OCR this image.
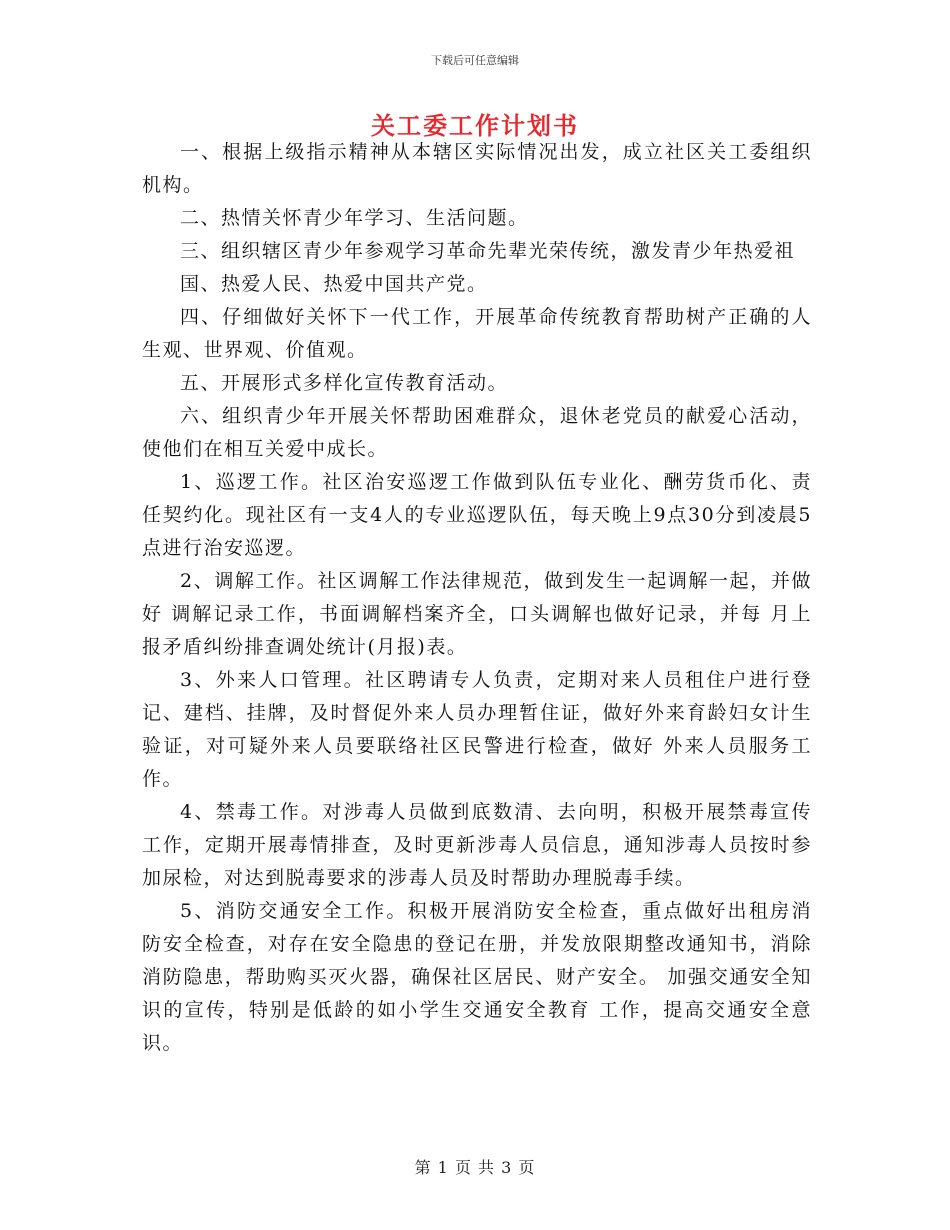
下载后可任意编辑
关工委工作计划书

一、根据上级指示精神从本辖区实际情况出发，成立社区关工委组织机构。

二、热情关怀青少年学习、生活问题。

三、组织辖区青少年参观学习革命先辈光荣传统，激发青少年热爱祖

国、热爱人民、热爱中国共产党。

四、仔细做好关怀下一代工作，开展革命传统教育帮助树产正确的人生观、世界观、价值观。

五、开展形式多样化宣传教育活动。

六、组织青少年开展关怀帮助困难群众，退休老党员的献爱心活动，使他们在相互关爱中成长。

1、巡逻工作。社区治安巡逻工作做到队伍专业化、酬劳货币化、责 任契约化。现社区有一支4人的专业巡逻队伍，每天晚上9点30分到凌晨5点进行治安巡逻。

2、调解工作。社区调解工作法律规范，做到发生一起调解一起，并做好 调解记录工作，书面调解档案齐全，口头调解也做好记录，并每 月上报矛盾纠纷排查调处统计(月报)表。

3、外来人口管理。社区聘请专人负责，定期对来人员租住户进行登 记、建档、挂牌，及时督促外来人员办理暂住证，做好外来育龄妇女计生验证，对可疑外来人员要联络社区民警进行检查，做好 外来人员服务工作。

4、禁毒工作。对涉毒人员做到底数清、去向明，积极开展禁毒宣传 工作，定期开展毒情排查，及时更新涉毒人员信息，通知涉毒人员按时参加尿检，对达到脱毒要求的涉毒人员及时帮助办理脱毒手续。

5、消防交通安全工作。积极开展消防安全检查，重点做好出租房消 防安全检查，对存在安全隐患的登记在册，并发放限期整改通知书，消除消防隐患，帮助购买灭火器，确保社区居民、财产安全。 加强交通安全知识的宣传，特别是低龄的如小学生交通安全教育 工作，提高交通安全意识。

第 1 页 共 3 页
